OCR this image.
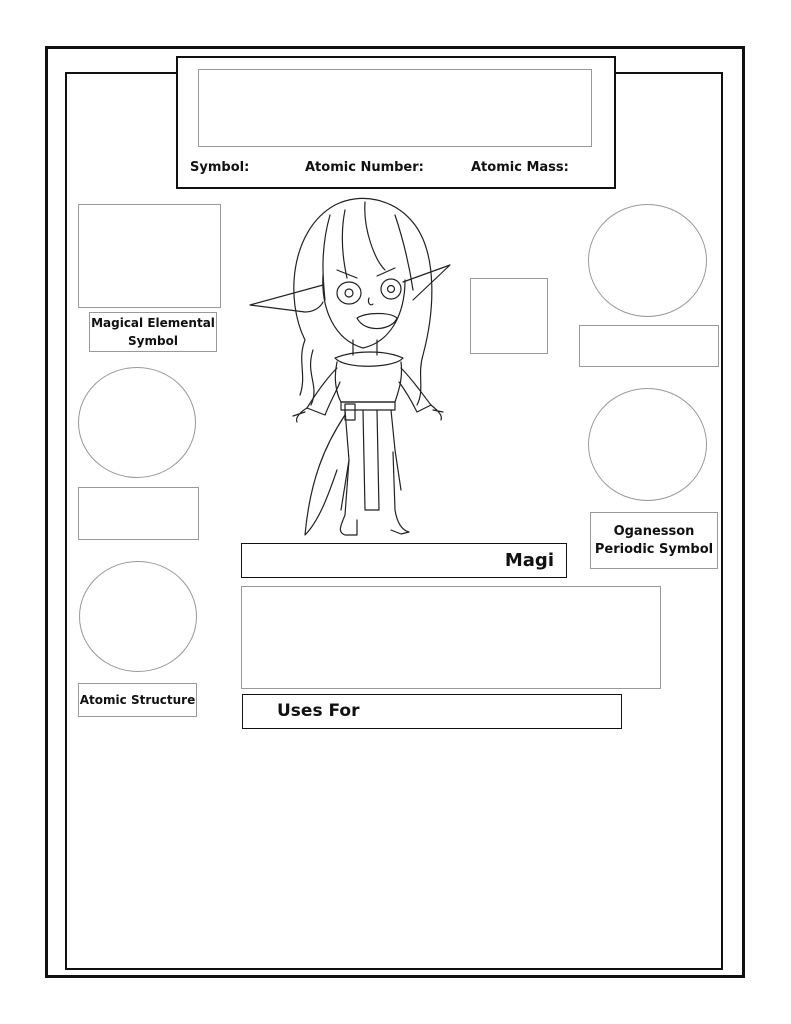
Symbol:	Atomic Number:	Atomic Mass:
Magical Elemental
Symbol
Atomic Structure
Oganesson
Periodic Symbol
Magi
Uses For
